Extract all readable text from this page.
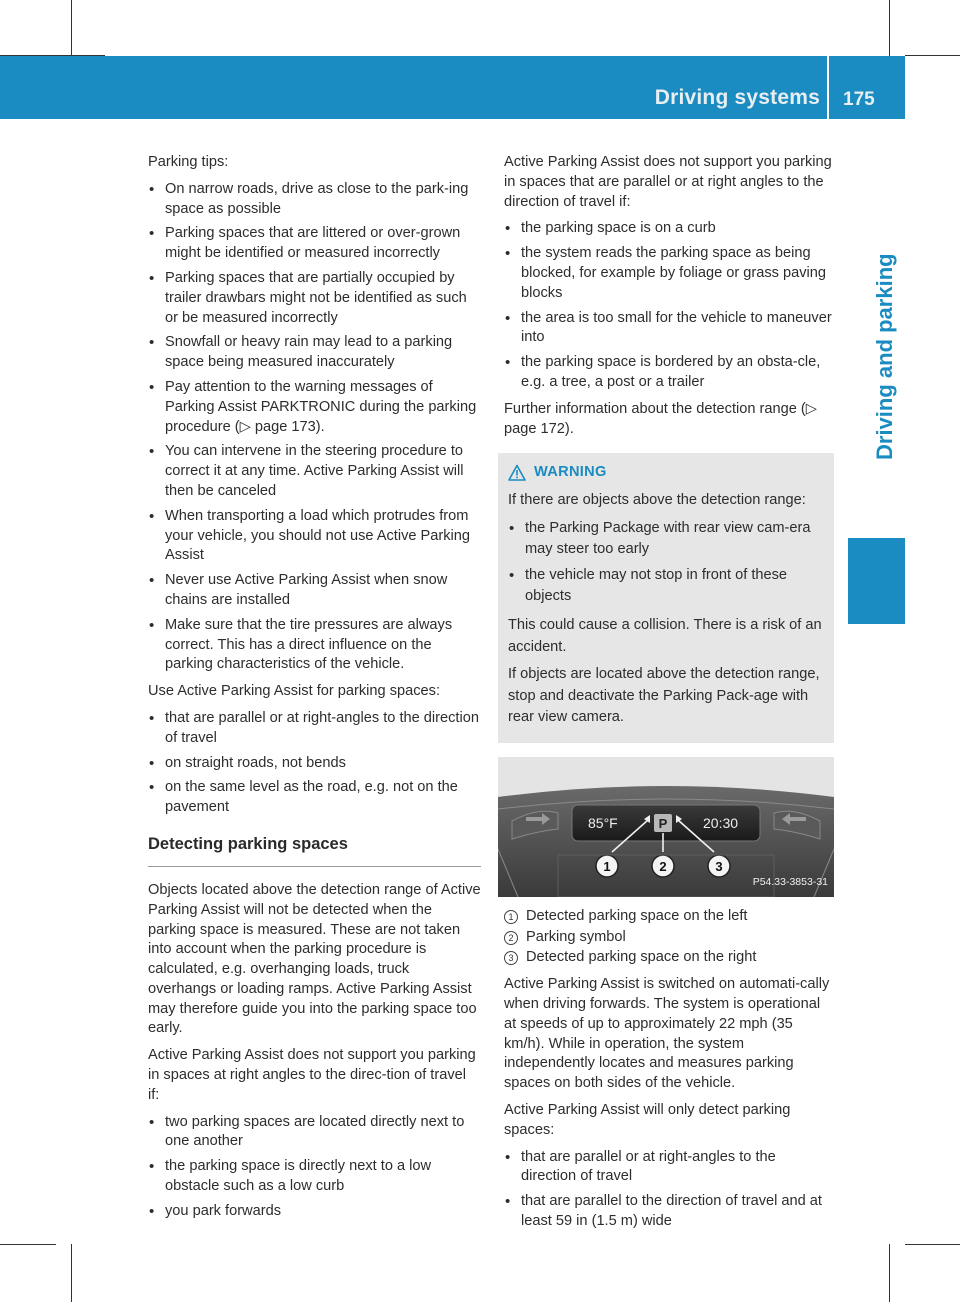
Driving systems 175
Driving and parking

Parking tips:

• On narrow roads, drive as close to the park-ing space as possible
• Parking spaces that are littered or over-grown might be identified or measured incorrectly
• Parking spaces that are partially occupied by trailer drawbars might not be identified as such or be measured incorrectly
• Snowfall or heavy rain may lead to a parking space being measured inaccurately
• Pay attention to the warning messages of Parking Assist PARKTRONIC during the parking procedure (▷ page 173).
• You can intervene in the steering procedure to correct it at any time. Active Parking Assist will then be canceled
• When transporting a load which protrudes from your vehicle, you should not use Active Parking Assist
• Never use Active Parking Assist when snow chains are installed
• Make sure that the tire pressures are always correct. This has a direct influence on the parking characteristics of the vehicle.

Use Active Parking Assist for parking spaces:

• that are parallel or at right-angles to the direction of travel
• on straight roads, not bends
• on the same level as the road, e.g. not on the pavement
Detecting parking spaces

Objects located above the detection range of Active Parking Assist will not be detected when the parking space is measured. These are not taken into account when the parking procedure is calculated, e.g. overhanging loads, truck overhangs or loading ramps. Active Parking Assist may therefore guide you into the parking space too early.

Active Parking Assist does not support you parking in spaces at right angles to the direc-tion of travel if:

• two parking spaces are located directly next to one another
• the parking space is directly next to a low obstacle such as a low curb
• you park forwards

Active Parking Assist does not support you parking in spaces that are parallel or at right angles to the direction of travel if:

• the parking space is on a curb
• the system reads the parking space as being blocked, for example by foliage or grass paving blocks
• the area is too small for the vehicle to maneuver into
• the parking space is bordered by an obsta-cle, e.g. a tree, a post or a trailer

Further information about the detection range (▷ page 172).

WARNING

If there are objects above the detection range:

• the Parking Package with rear view cam-era may steer too early
• the vehicle may not stop in front of these objects

This could cause a collision. There is a risk of an accident.

If objects are located above the detection range, stop and deactivate the Parking Pack-age with rear view camera.

85°F	P	20:30
1	2	3
P54.33-3853-31
1 Detected parking space on the left
2 Parking symbol
3 Detected parking space on the right

Active Parking Assist is switched on automati-cally when driving forwards. The system is operational at speeds of up to approximately 22 mph (35 km/h). While in operation, the system independently locates and measures parking spaces on both sides of the vehicle.

Active Parking Assist will only detect parking spaces:

• that are parallel or at right-angles to the direction of travel
• that are parallel to the direction of travel and at least 59 in (1.5 m) wide
